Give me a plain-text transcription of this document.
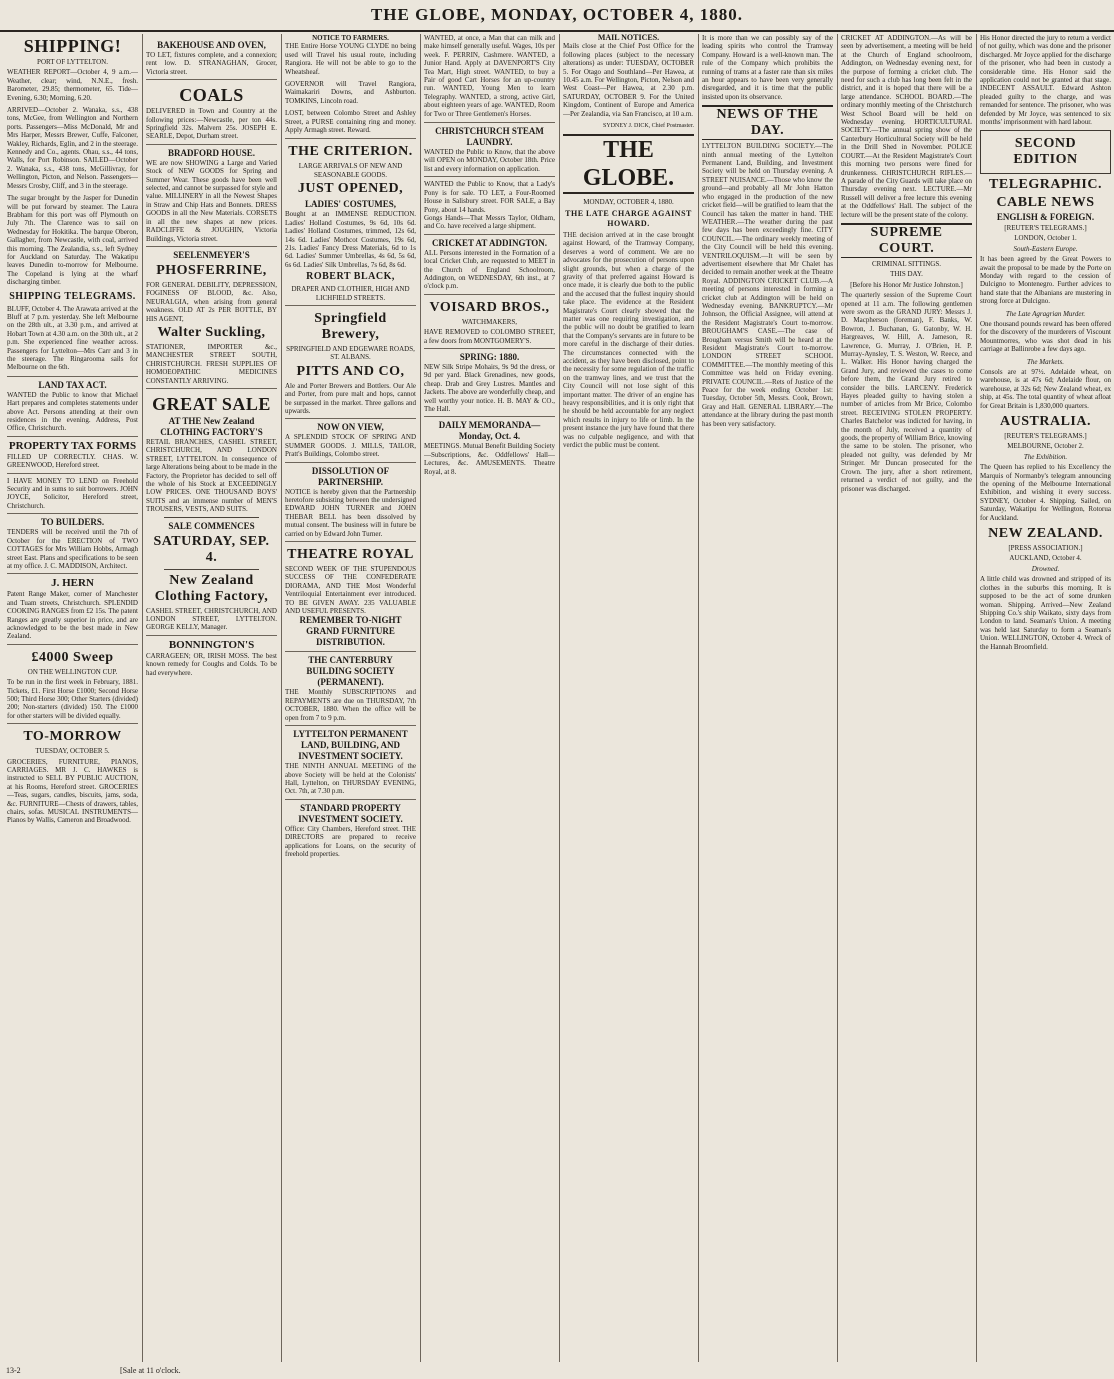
THE GLOBE, MONDAY, OCTOBER 4, 1880.
SHIPPING!
PORT OF LYTTELTON.
WEATHER REPORT—October 4, 9 a.m.—Weather, clear; wind, N.N.E., fresh. Barometer, 29.85; thermometer, 65. Tide—Evening, 6.30; Morning, 6.20.
ARRIVED—October 2. Wanaka, s.s., 438 tons, McGee, from Wellington and Northern ports. Passengers—Miss McDonald, Mr and Mrs Harper, Messrs Brewer, Cuffe, Falconer, Wakley, Richards, Eglin, and 2 in the steerage. Kennedy and Co., agents. Ohau, s.s., 44 tons, Walls, for Port Robinson. SAILED—October 2. Wanaka, s.s., 438 tons, McGillivray, for Wellington, Picton, and Nelson. Passengers—Messrs Crosby, Cliff, and 3 in the steerage.
The sugar brought by the Jasper for Dunedin will be put forward by steamer. The Laura Brabham for this port was off Plymouth on July 7th. The Clarence was to sail on Wednesday for Hokitika. The barque Oberon, Gallagher, from Newcastle, with coal, arrived this morning. The Zealandia, s.s., left Sydney for Auckland on Saturday. The Wakatipu leaves Dunedin to-morrow for Melbourne. The Copeland is lying at the wharf discharging timber.
SHIPPING TELEGRAMS.
BLUFF, October 4. The Arawata arrived at the Bluff at 7 p.m. yesterday. She left Melbourne on the 28th ult., at 3.30 p.m., and arrived at Hobart Town at 4.30 a.m. on the 30th ult., at 2 p.m. She experienced fine weather across. Passengers for Lyttelton—Mrs Carr and 3 in the steerage. The Ringarooma sails for Melbourne on the 6th.
LAND TAX ACT.

WANTED the Public to know that Michael Hart prepares and completes statements under above Act. Persons attending at their own residences in the evening. Address, Post Office, Christchurch.

PROPERTY TAX FORMS

FILLED UP CORRECTLY. CHAS. W. GREENWOOD, Hereford street.

I HAVE MONEY TO LEND on Freehold Security and in sums to suit borrowers. JOHN JOYCE, Solicitor, Hereford street, Christchurch.

TO BUILDERS.

TENDERS will be received until the 7th of October for the ERECTION of TWO COTTAGES for Mrs William Hobbs, Armagh street East. Plans and specifications to be seen at my office. J. C. MADDISON, Architect.

J. HERN

Patent Range Maker, corner of Manchester and Tuam streets, Christchurch. SPLENDID COOKING RANGES from £2 15s. The patent Ranges are greatly superior in price, and are acknowledged to be the best made in New Zealand.

£4000 Sweep
ON THE WELLINGTON CUP.

To be run in the first week in February, 1881. Tickets, £1. First Horse £1000; Second Horse 500; Third Horse 300; Other Starters (divided) 200; Non-starters (divided) 150. The £1000 for other starters will be divided equally.

TO-MORROW
TUESDAY, OCTOBER 5.

GROCERIES, FURNITURE, PIANOS, CARRIAGES. MR J. C. HAWKES is instructed to SELL BY PUBLIC AUCTION, at his Rooms, Hereford street. GROCERIES—Teas, sugars, candles, biscuits, jams, soda, &c. FURNITURE—Chests of drawers, tables, chairs, sofas. MUSICAL INSTRUMENTS—Pianos by Wallis, Cameron and Broadwood.

BAKEHOUSE AND OVEN,

TO LET, fixtures complete, and a connexion; rent low. D. STRANAGHAN, Grocer, Victoria street.

COALS

DELIVERED in Town and Country at the following prices:—Newcastle, per ton 44s. Springfield 32s. Malvern 25s. JOSEPH E. SEARLE, Depot, Durham street.

BRADFORD HOUSE.

WE are now SHOWING a Large and Varied Stock of NEW GOODS for Spring and Summer Wear. These goods have been well selected, and cannot be surpassed for style and value. MILLINERY in all the Newest Shapes in Straw and Chip Hats and Bonnets. DRESS GOODS in all the New Materials. CORSETS in all the new shapes at new prices. RADCLIFFE & JOUGHIN, Victoria Buildings, Victoria street.

SEELENMEYER'S
PHOSFERRINE,

FOR GENERAL DEBILITY, DEPRESSION, FOGINESS OF BLOOD, &c. Also, NEURALGIA, when arising from general weakness. OLD AT 2s PER BOTTLE, BY HIS AGENT,

Walter Suckling,

STATIONER, IMPORTER &c., MANCHESTER STREET SOUTH, CHRISTCHURCH. FRESH SUPPLIES OF HOMOEOPATHIC MEDICINES CONSTANTLY ARRIVING.

GREAT SALE
AT THE New Zealand CLOTHING FACTORY'S

RETAIL BRANCHES, CASHEL STREET, CHRISTCHURCH, AND LONDON STREET, LYTTELTON. In consequence of large Alterations being about to be made in the Factory, the Proprietor has decided to sell off the whole of his Stock at EXCEEDINGLY LOW PRICES. ONE THOUSAND BOYS' SUITS and an immense number of MEN'S TROUSERS, VESTS, AND SUITS.

SALE COMMENCES
SATURDAY, SEP. 4.
New Zealand Clothing Factory,

CASHEL STREET, CHRISTCHURCH, AND LONDON STREET, LYTTELTON. GEORGE KELLY, Manager.

BONNINGTON'S

CARRAGEEN; OR, IRISH MOSS. The best known remedy for Coughs and Colds. To be had everywhere.

NOTICE TO FARMERS.
THE Entire Horse YOUNG CLYDE no being used will Travel his usual route, including Rangiora. He will not be able to go to the Wheatsheaf.
GOVERNOR will Travel Rangiora, Waimakariri Downs, and Ashburton. TOMKINS, Lincoln road.
LOST, between Colombo Street and Ashley Street, a PURSE containing ring and money. Apply Armagh street. Reward.
THE CRITERION.
LARGE ARRIVALS OF NEW AND SEASONABLE GOODS.
JUST OPENED,
LADIES' COSTUMES,

Bought at an IMMENSE REDUCTION. Ladies' Holland Costumes, 9s 6d, 10s 6d. Ladies' Holland Costumes, trimmed, 12s 6d, 14s 6d. Ladies' Mothcot Costumes, 19s 6d, 21s. Ladies' Fancy Dress Materials, 6d to 1s 6d. Ladies' Summer Umbrellas, 4s 6d, 5s 6d, 6s 6d. Ladies' Silk Umbrellas, 7s 6d, 8s 6d.

ROBERT BLACK,
DRAPER AND CLOTHIER, HIGH AND LICHFIELD STREETS.
Springfield Brewery,
SPRINGFIELD AND EDGEWARE ROADS, ST. ALBANS.
PITTS AND CO,

Ale and Porter Brewers and Bottlers. Our Ale and Porter, from pure malt and hops, cannot be surpassed in the market. Three gallons and upwards.

NOW ON VIEW,

A SPLENDID STOCK OF SPRING AND SUMMER GOODS. J. MILLS, TAILOR, Pratt's Buildings, Colombo street.

DISSOLUTION OF PARTNERSHIP.

NOTICE is hereby given that the Partnership heretofore subsisting between the undersigned EDWARD JOHN TURNER and JOHN THEBAR BELL has been dissolved by mutual consent. The business will in future be carried on by Edward John Turner.

THEATRE ROYAL

SECOND WEEK OF THE STUPENDOUS SUCCESS OF THE CONFEDERATE DIORAMA, AND THE Most Wonderful Ventriloquial Entertainment ever introduced. TO BE GIVEN AWAY. 235 VALUABLE AND USEFUL PRESENTS.

REMEMBER TO-NIGHT GRAND FURNITURE DISTRIBUTION.
THE CANTERBURY BUILDING SOCIETY (PERMANENT).

THE Monthly SUBSCRIPTIONS and REPAYMENTS are due on THURSDAY, 7th OCTOBER, 1880. When the office will be open from 7 to 9 p.m.

LYTTELTON PERMANENT LAND, BUILDING, AND INVESTMENT SOCIETY.

THE NINTH ANNUAL MEETING of the above Society will be held at the Colonists' Hall, Lyttelton, on THURSDAY EVENING, Oct. 7th, at 7.30 p.m.

STANDARD PROPERTY INVESTMENT SOCIETY.

Office: City Chambers, Hereford street. THE DIRECTORS are prepared to receive applications for Loans, on the security of freehold properties.

WANTED, at once, a Man that can milk and make himself generally useful. Wages, 10s per week. F. PERRIN, Cashmere. WANTED, a Junior Hand. Apply at DAVENPORT'S City Tea Mart, High street. WANTED, to buy a Pair of good Cart Horses for an up-country run. WANTED, Young Men to learn Telegraphy. WANTED, a strong, active Girl, about eighteen years of age. WANTED, Room for Two or Three Gentlemen's Horses.
CHRISTCHURCH STEAM LAUNDRY.

WANTED the Public to Know, that the above will OPEN on MONDAY, October 18th. Price list and every information on application.

WANTED the Public to Know, that a Lady's Pony is for sale. TO LET, a Four-Roomed House in Salisbury street. FOR SALE, a Bay Pony, about 14 hands.

Gongs Hands—That Messrs Taylor, Oldham, and Co. have received a large shipment.

CRICKET AT ADDINGTON.

ALL Persons interested in the Formation of a local Cricket Club, are requested to MEET in the Church of England Schoolroom, Addington, on WEDNESDAY, 6th inst., at 7 o'clock p.m.

VOISARD BROS.,
WATCHMAKERS,

HAVE REMOVED to COLOMBO STREET, a few doors from MONTGOMERY'S.

SPRING: 1880.

NEW Silk Stripe Mohairs, 9s 9d the dress, or 9d per yard. Black Grenadines, new goods, cheap. Drab and Grey Lustres. Mantles and Jackets. The above are wonderfully cheap, and well worthy your notice. H. B. MAY & CO., The Hall.

DAILY MEMORANDA—Monday, Oct. 4.

MEETINGS. Mutual Benefit Building Society—Subscriptions, &c. Oddfellows' Hall—Lectures, &c. AMUSEMENTS. Theatre Royal, at 8.

MAIL NOTICES.
Mails close at the Chief Post Office for the following places (subject to the necessary alterations) as under: TUESDAY, OCTOBER 5. For Otago and Southland—Per Hawea, at 10.45 a.m. For Wellington, Picton, Nelson and West Coast—Per Hawea, at 2.30 p.m. SATURDAY, OCTOBER 9. For the United Kingdom, Continent of Europe and America—Per Zealandia, via San Francisco, at 10 a.m.
SYDNEY J. DICK, Chief Postmaster.
THE GLOBE.
MONDAY, OCTOBER 4, 1880.
THE LATE CHARGE AGAINST HOWARD.
THE decision arrived at in the case brought against Howard, of the Tramway Company, deserves a word of comment. We are no advocates for the prosecution of persons upon slight grounds, but when a charge of the gravity of that preferred against Howard is once made, it is clearly due both to the public and the accused that the fullest inquiry should take place. The evidence at the Resident Magistrate's Court clearly showed that the matter was one requiring investigation, and the public will no doubt be gratified to learn that the Company's servants are in future to be more careful in the discharge of their duties. The circumstances connected with the accident, as they have been disclosed, point to the necessity for some regulation of the traffic on the tramway lines, and we trust that the City Council will not lose sight of this important matter. The driver of an engine has heavy responsibilities, and it is only right that he should be held accountable for any neglect which results in injury to life or limb. In the present instance the jury have found that there was no culpable negligence, and with that verdict the public must be content.
It is more than we can possibly say of the leading spirits who control the Tramway Company. Howard is a well-known man. The rule of the Company which prohibits the running of trams at a faster rate than six miles an hour appears to have been very generally disregarded, and it is time that the public insisted upon its observance.
NEWS OF THE DAY.
LYTTELTON BUILDING SOCIETY.—The ninth annual meeting of the Lyttelton Permanent Land, Building, and Investment Society will be held on Thursday evening. A STREET NUISANCE.—Those who know the ground—and probably all Mr John Hatton who engaged in the production of the new cricket field—will be gratified to learn that the Council has taken the matter in hand. THE WEATHER.—The weather during the past few days has been exceedingly fine. CITY COUNCIL.—The ordinary weekly meeting of the City Council will be held this evening. VENTRILOQUISM.—It will be seen by advertisement elsewhere that Mr Chalet has decided to remain another week at the Theatre Royal. ADDINGTON CRICKET CLUB.—A meeting of persons interested in forming a cricket club at Addington will be held on Wednesday evening. BANKRUPTCY.—Mr Johnson, the Official Assignee, will attend at the Resident Magistrate's Court to-morrow. BROUGHAM'S CASE.—The case of Brougham versus Smith will be heard at the Resident Magistrate's Court to-morrow. LONDON STREET SCHOOL COMMITTEE.—The monthly meeting of this Committee was held on Friday evening. PRIVATE COUNCIL.—Rets of Justice of the Peace for the week ending October 1st: Tuesday, October 5th, Messrs. Cook, Brown, Gray and Hall. GENERAL LIBRARY.—The attendance at the library during the past month has been very satisfactory.
CRICKET AT ADDINGTON.—As will be seen by advertisement, a meeting will be held at the Church of England schoolroom, Addington, on Wednesday evening next, for the purpose of forming a cricket club. The need for such a club has long been felt in the district, and it is hoped that there will be a large attendance. SCHOOL BOARD.—The ordinary monthly meeting of the Christchurch West School Board will be held on Wednesday evening. HORTICULTURAL SOCIETY.—The annual spring show of the Canterbury Horticultural Society will be held in the Drill Shed in November. POLICE COURT.—At the Resident Magistrate's Court this morning two persons were fined for drunkenness. CHRISTCHURCH RIFLES.—A parade of the City Guards will take place on Thursday evening next. LECTURE.—Mr Russell will deliver a free lecture this evening at the Oddfellows' Hall. The subject of the lecture will be the present state of the colony.
SUPREME COURT.
CRIMINAL SITTINGS.
THIS DAY.
[Before his Honor Mr Justice Johnston.]
The quarterly session of the Supreme Court opened at 11 a.m. The following gentlemen were sworn as the GRAND JURY: Messrs J. D. Macpherson (foreman), F. Banks, W. Bowron, J. Buchanan, G. Gatonby, W. H. Hargreaves, W. Hill, A. Jameson, R. Lawrence, G. Murray, J. O'Brien, H. P. Murray-Aynsley, T. S. Weston, W. Reece, and L. Walker. His Honor having charged the Grand Jury, and reviewed the cases to come before them, the Grand Jury retired to consider the bills. LARCENY. Frederick Hayes pleaded guilty to having stolen a number of articles from Mr Brice, Colombo street. RECEIVING STOLEN PROPERTY. Charles Batchelor was indicted for having, in the month of July, received a quantity of goods, the property of William Brice, knowing the same to be stolen. The prisoner, who pleaded not guilty, was defended by Mr Stringer. Mr Duncan prosecuted for the Crown. The jury, after a short retirement, returned a verdict of not guilty, and the prisoner was discharged.
His Honor directed the jury to return a verdict of not guilty, which was done and the prisoner discharged. Mr Joyce applied for the discharge of the prisoner, who had been in custody a considerable time. His Honor said the application could not be granted at that stage. INDECENT ASSAULT. Edward Ashton pleaded guilty to the charge, and was remanded for sentence. The prisoner, who was defended by Mr Joyce, was sentenced to six months' imprisonment with hard labour.
SECOND EDITION
TELEGRAPHIC.
CABLE NEWS
ENGLISH & FOREIGN.
[REUTER'S TELEGRAMS.]
LONDON, October 1.
South-Eastern Europe.
It has been agreed by the Great Powers to await the proposal to be made by the Porte on Monday with regard to the cession of Dulcigno to Montenegro. Further advices to hand state that the Albanians are mustering in strong force at Dulcigno.
The Late Agragrian Murder.
One thousand pounds reward has been offered for the discovery of the murderers of Viscount Mountmorres, who was shot dead in his carriage at Ballinrobe a few days ago.
The Markets.
Consols are at 97½. Adelaide wheat, on warehouse, is at 47s 6d; Adelaide flour, on warehouse, at 32s 6d; New Zealand wheat, ex ship, at 45s. The total quantity of wheat afloat for Great Britain is 1,830,000 quarters.
AUSTRALIA.
[REUTER'S TELEGRAMS.]
MELBOURNE, October 2.
The Exhibition.
The Queen has replied to his Excellency the Marquis of Normanby's telegram announcing the opening of the Melbourne International Exhibition, and wishing it every success. SYDNEY, October 4. Shipping. Sailed, on Saturday, Wakatipu for Wellington, Rotorua for Auckland.
NEW ZEALAND.
[PRESS ASSOCIATION.]
AUCKLAND, October 4.
Drowned.
A little child was drowned and stripped of its clothes in the suburbs this morning. It is supposed to be the act of some drunken woman. Shipping. Arrived—New Zealand Shipping Co.'s ship Waikato, sixty days from London to land. Seaman's Union. A meeting was held last Saturday to form a Seaman's Union. WELLINGTON, October 4. Wreck of the Hannah Broomfield.
13-2	[Sale at 11 o'clock.
